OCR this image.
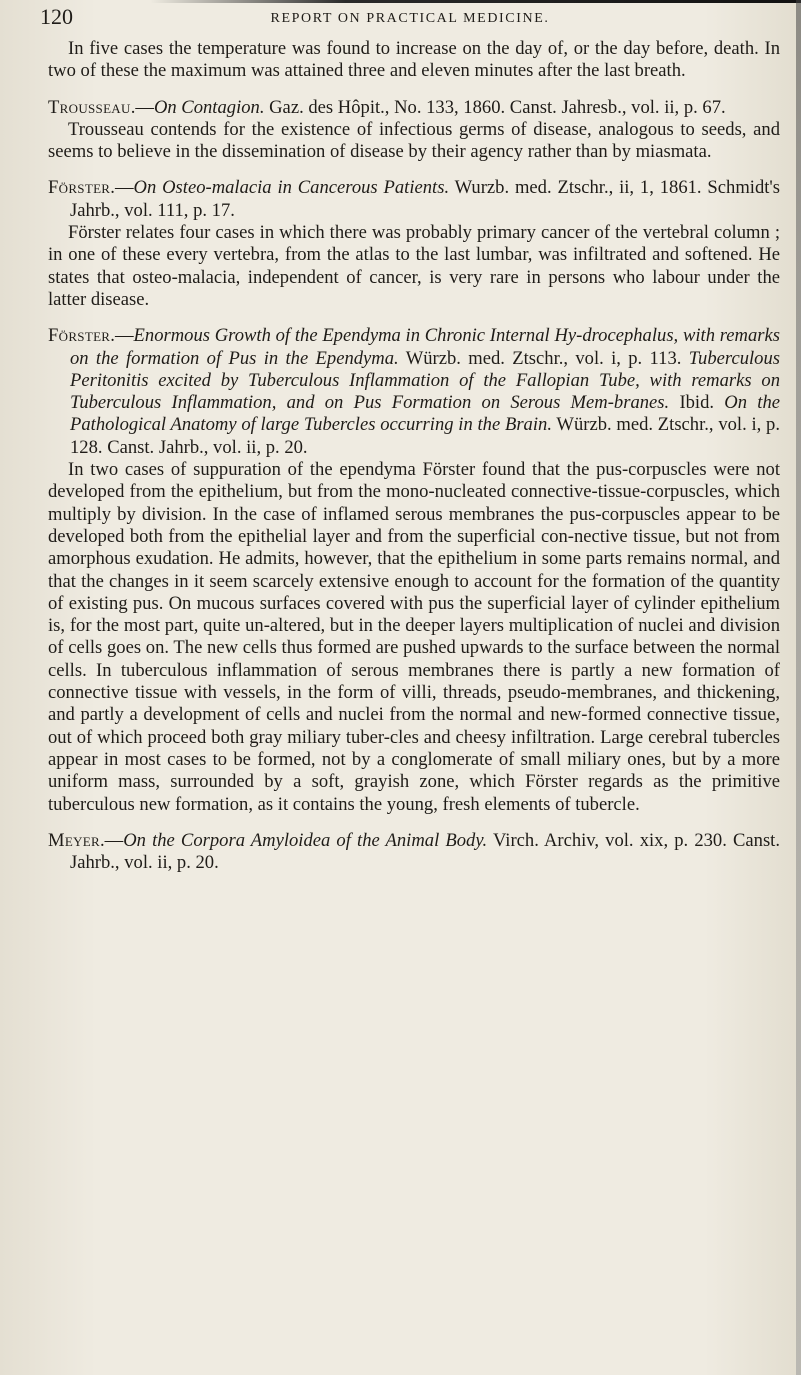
120	REPORT ON PRACTICAL MEDICINE.

In five cases the temperature was found to increase on the day of, or the day before, death. In two of these the maximum was attained three and eleven minutes after the last breath.

Trousseau.—On Contagion. Gaz. des Hôpit., No. 133, 1860. Canst. Jahresb., vol. ii, p. 67.

Trousseau contends for the existence of infectious germs of disease, analogous to seeds, and seems to believe in the dissemination of disease by their agency rather than by miasmata.

Förster.—On Osteo-malacia in Cancerous Patients. Wurzb. med. Ztschr., ii, 1, 1861. Schmidt's Jahrb., vol. 111, p. 17.

Förster relates four cases in which there was probably primary cancer of the vertebral column ; in one of these every vertebra, from the atlas to the last lumbar, was infiltrated and softened. He states that osteo-malacia, independent of cancer, is very rare in persons who labour under the latter disease.

Förster.—Enormous Growth of the Ependyma in Chronic Internal Hy-drocephalus, with remarks on the formation of Pus in the Ependyma. Würzb. med. Ztschr., vol. i, p. 113. Tuberculous Peritonitis excited by Tuberculous Inflammation of the Fallopian Tube, with remarks on Tuberculous Inflammation, and on Pus Formation on Serous Mem-branes. Ibid. On the Pathological Anatomy of large Tubercles occurring in the Brain. Würzb. med. Ztschr., vol. i, p. 128. Canst. Jahrb., vol. ii, p. 20.

In two cases of suppuration of the ependyma Förster found that the pus-corpuscles were not developed from the epithelium, but from the mono-nucleated connective-tissue-corpuscles, which multiply by division. In the case of inflamed serous membranes the pus-corpuscles appear to be developed both from the epithelial layer and from the superficial con-nective tissue, but not from amorphous exudation. He admits, however, that the epithelium in some parts remains normal, and that the changes in it seem scarcely extensive enough to account for the formation of the quantity of existing pus. On mucous surfaces covered with pus the superficial layer of cylinder epithelium is, for the most part, quite un-altered, but in the deeper layers multiplication of nuclei and division of cells goes on. The new cells thus formed are pushed upwards to the surface between the normal cells. In tuberculous inflammation of serous membranes there is partly a new formation of connective tissue with vessels, in the form of villi, threads, pseudo-membranes, and thickening, and partly a development of cells and nuclei from the normal and new-formed connective tissue, out of which proceed both gray miliary tuber-cles and cheesy infiltration. Large cerebral tubercles appear in most cases to be formed, not by a conglomerate of small miliary ones, but by a more uniform mass, surrounded by a soft, grayish zone, which Förster regards as the primitive tuberculous new formation, as it contains the young, fresh elements of tubercle.

Meyer.—On the Corpora Amyloidea of the Animal Body. Virch. Archiv, vol. xix, p. 230. Canst. Jahrb., vol. ii, p. 20.
